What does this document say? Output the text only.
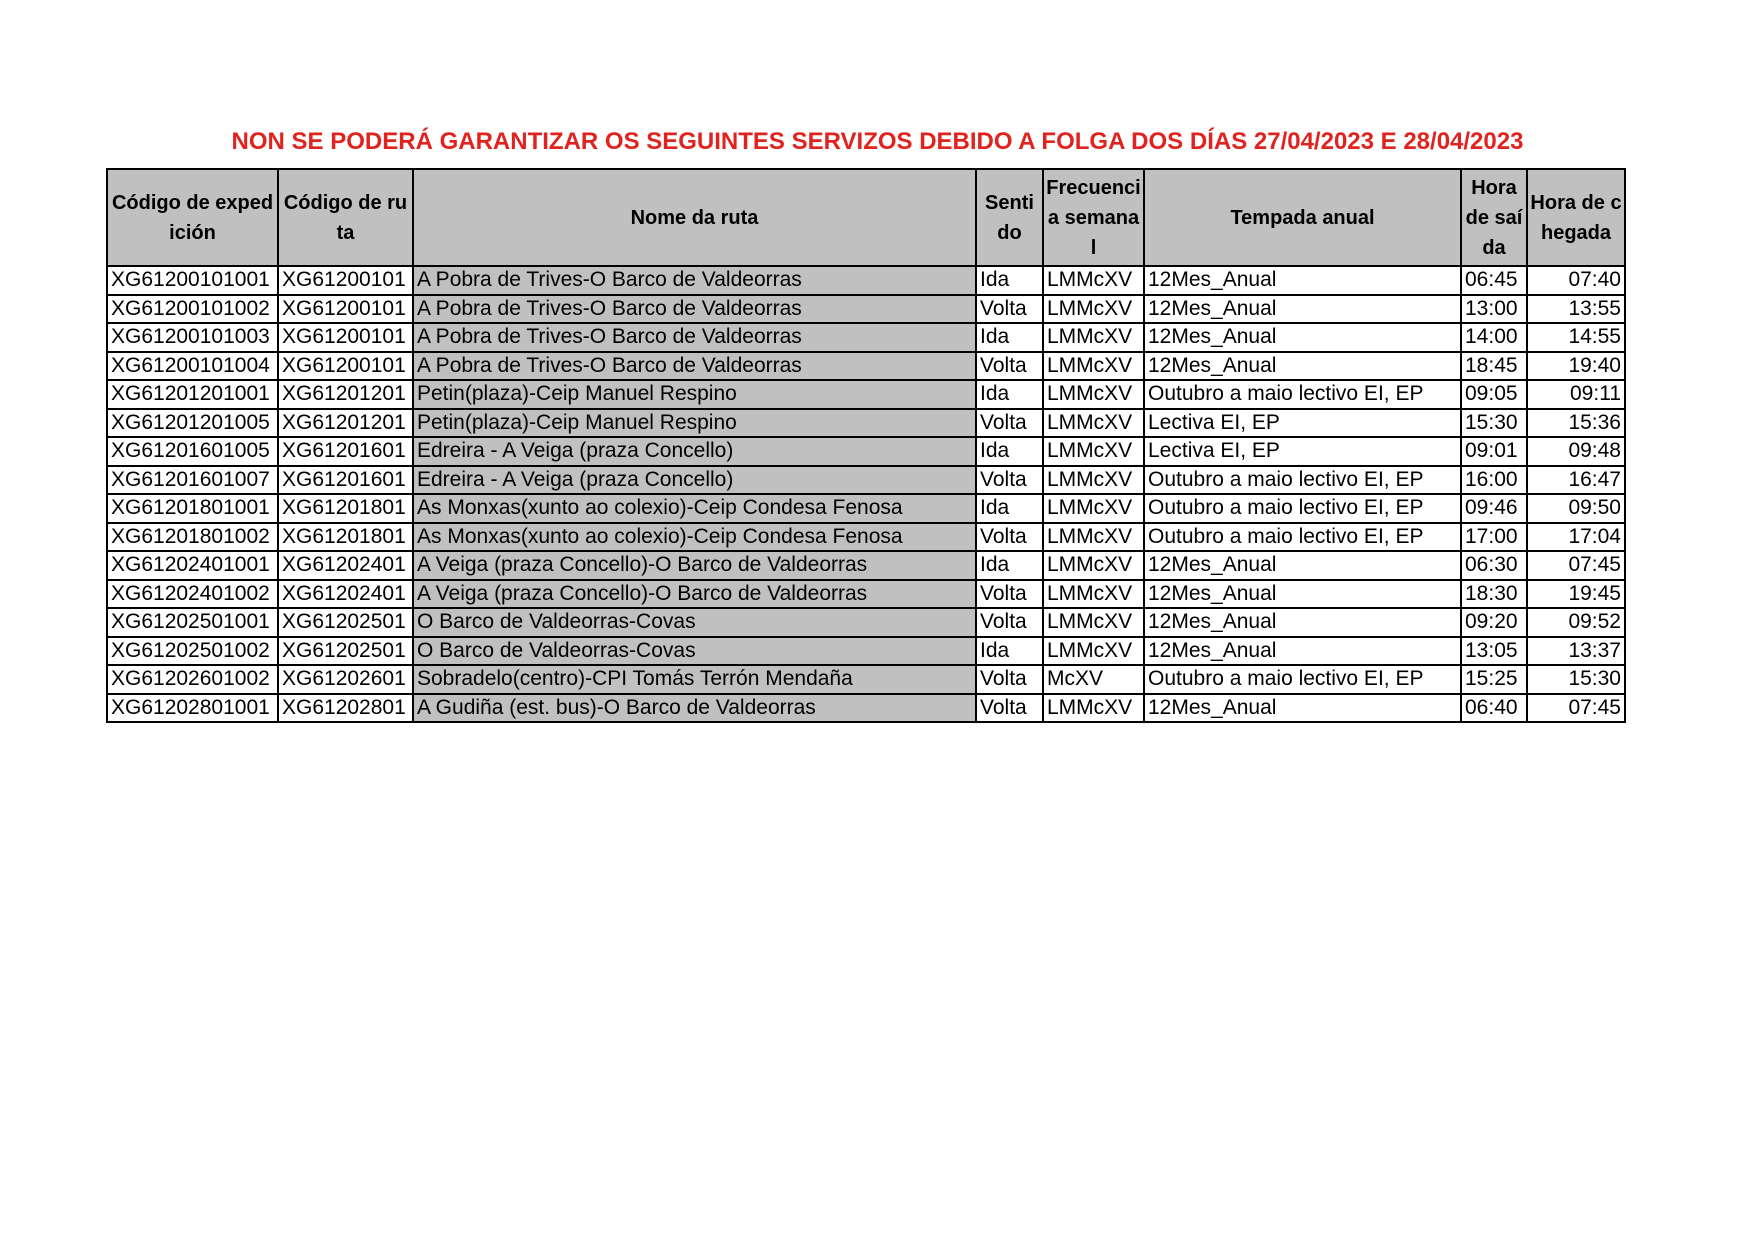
NON SE PODERÁ GARANTIZAR OS SEGUINTES SERVIZOS DEBIDO A FOLGA DOS DÍAS 27/04/2023 E 28/04/2023
Código de expedición	Código de ruta	Nome da ruta	Senti do	Frecuenci a semanal	Tempada anual	Hora de saída	Hora de chegada
XG61200101001	XG61200101	A Pobra de Trives-O Barco de Valdeorras	Ida	LMMcXV	12Mes_Anual	06:45	07:40
XG61200101002	XG61200101	A Pobra de Trives-O Barco de Valdeorras	Volta	LMMcXV	12Mes_Anual	13:00	13:55
XG61200101003	XG61200101	A Pobra de Trives-O Barco de Valdeorras	Ida	LMMcXV	12Mes_Anual	14:00	14:55
XG61200101004	XG61200101	A Pobra de Trives-O Barco de Valdeorras	Volta	LMMcXV	12Mes_Anual	18:45	19:40
XG61201201001	XG61201201	Petin(plaza)-Ceip Manuel Respino	Ida	LMMcXV	Outubro a maio lectivo EI, EP	09:05	09:11
XG61201201005	XG61201201	Petin(plaza)-Ceip Manuel Respino	Volta	LMMcXV	Lectiva EI, EP	15:30	15:36
XG61201601005	XG61201601	Edreira - A Veiga (praza Concello)	Ida	LMMcXV	Lectiva EI, EP	09:01	09:48
XG61201601007	XG61201601	Edreira - A Veiga (praza Concello)	Volta	LMMcXV	Outubro a maio lectivo EI, EP	16:00	16:47
XG61201801001	XG61201801	As Monxas(xunto ao colexio)-Ceip Condesa Fenosa	Ida	LMMcXV	Outubro a maio lectivo EI, EP	09:46	09:50
XG61201801002	XG61201801	As Monxas(xunto ao colexio)-Ceip Condesa Fenosa	Volta	LMMcXV	Outubro a maio lectivo EI, EP	17:00	17:04
XG61202401001	XG61202401	A Veiga (praza Concello)-O Barco de Valdeorras	Ida	LMMcXV	12Mes_Anual	06:30	07:45
XG61202401002	XG61202401	A Veiga (praza Concello)-O Barco de Valdeorras	Volta	LMMcXV	12Mes_Anual	18:30	19:45
XG61202501001	XG61202501	O Barco de Valdeorras-Covas	Volta	LMMcXV	12Mes_Anual	09:20	09:52
XG61202501002	XG61202501	O Barco de Valdeorras-Covas	Ida	LMMcXV	12Mes_Anual	13:05	13:37
XG61202601002	XG61202601	Sobradelo(centro)-CPI Tomás Terrón Mendaña	Volta	McXV	Outubro a maio lectivo EI, EP	15:25	15:30
XG61202801001	XG61202801	A Gudiña (est. bus)-O Barco de Valdeorras	Volta	LMMcXV	12Mes_Anual	06:40	07:45
